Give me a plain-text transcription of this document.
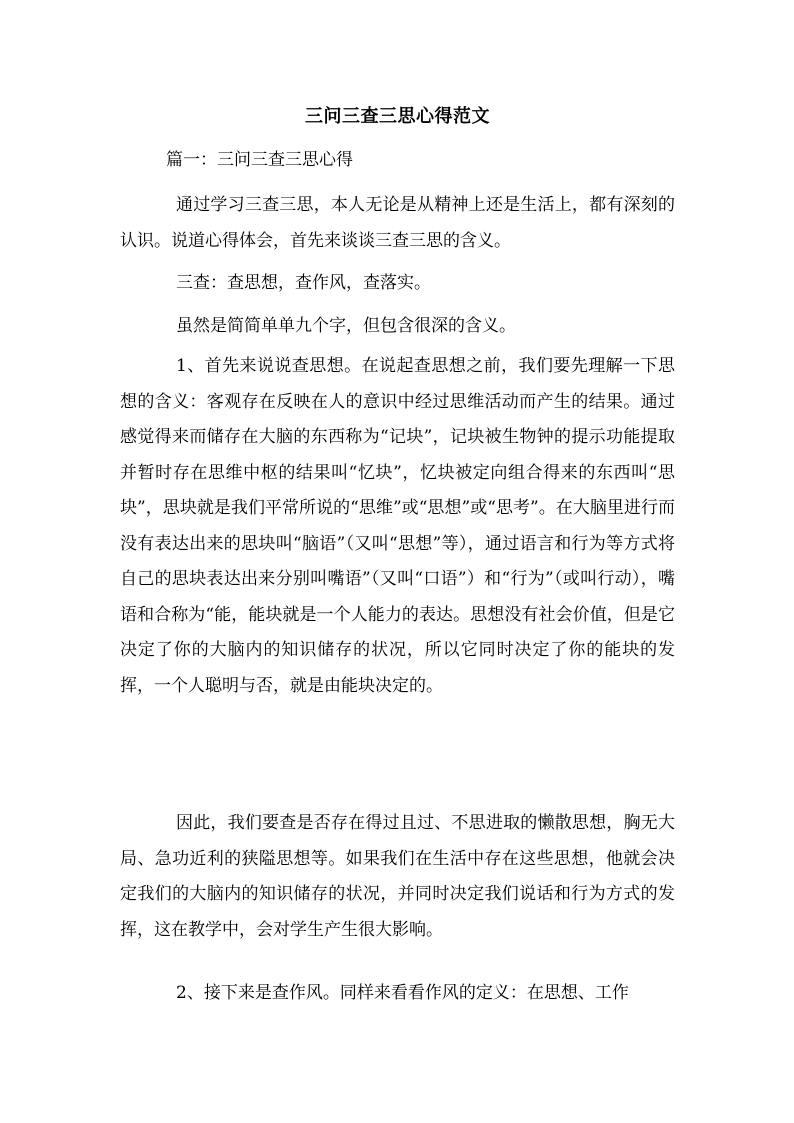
三问三查三思心得范文
篇一：三问三查三思心得

通过学习三查三思，本人无论是从精神上还是生活上，都有深刻的认识。说道心得体会，首先来谈谈三查三思的含义。

三查：查思想，查作风，查落实。

虽然是简简单单九个字，但包含很深的含义。

1、首先来说说查思想。在说起查思想之前，我们要先理解一下思想的含义：客观存在反映在人的意识中经过思维活动而产生的结果。通过感觉得来而储存在大脑的东西称为“记块”，记块被生物钟的提示功能提取并暂时存在思维中枢的结果叫“忆块”，忆块被定向组合得来的东西叫“思块”，思块就是我们平常所说的“思维”或“思想”或“思考”。在大脑里进行而没有表达出来的思块叫“脑语”（又叫“思想”等），通过语言和行为等方式将自己的思块表达出来分别叫嘴语”（又叫“口语”）和“行为”（或叫行动），嘴语和合称为“能，能块就是一个人能力的表达。思想没有社会价值，但是它决定了你的大脑内的知识储存的状况，所以它同时决定了你的能块的发挥，一个人聪明与否，就是由能块决定的。

因此，我们要查是否存在得过且过、不思进取的懒散思想，胸无大局、急功近利的狭隘思想等。如果我们在生活中存在这些思想，他就会决定我们的大脑内的知识储存的状况，并同时决定我们说话和行为方式的发挥，这在教学中，会对学生产生很大影响。

2、接下来是查作风。同样来看看作风的定义：在思想、工作
